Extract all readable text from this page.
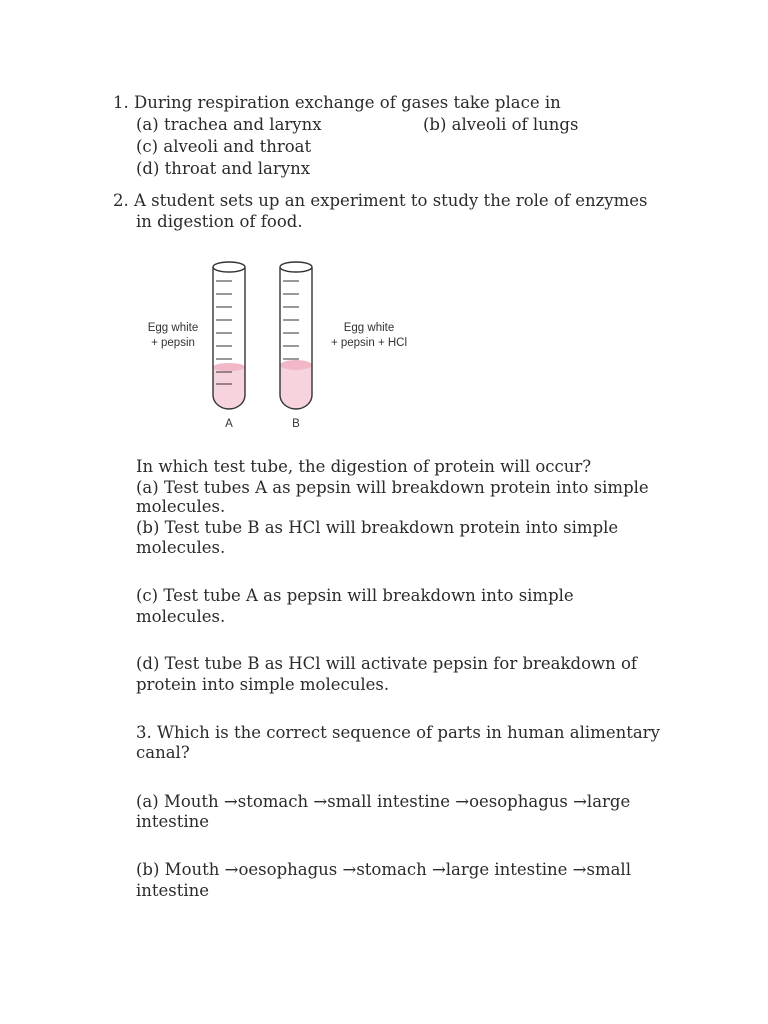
1. During respiration exchange of gases take place in
(a) trachea and larynx	(b) alveoli of lungs
(c) alveoli and throat
(d) throat and larynx
2. A student sets up an experiment to study the role of enzymes
in digestion of food.
Egg white
+ pepsin
Egg white
+ pepsin + HCl
A	B
In which test tube, the digestion of protein will occur?
(a) Test tubes A as pepsin will breakdown protein into simple
molecules.
(b) Test tube B as HCl will breakdown protein into simple
molecules.
(c) Test tube A as pepsin will breakdown into simple
molecules.
(d) Test tube B as HCl will activate pepsin for breakdown of
protein into simple molecules.
3. Which is the correct sequence of parts in human alimentary
canal?
(a) Mouth →stomach →small intestine →oesophagus →large
intestine
(b) Mouth →oesophagus →stomach →large intestine →small
intestine
